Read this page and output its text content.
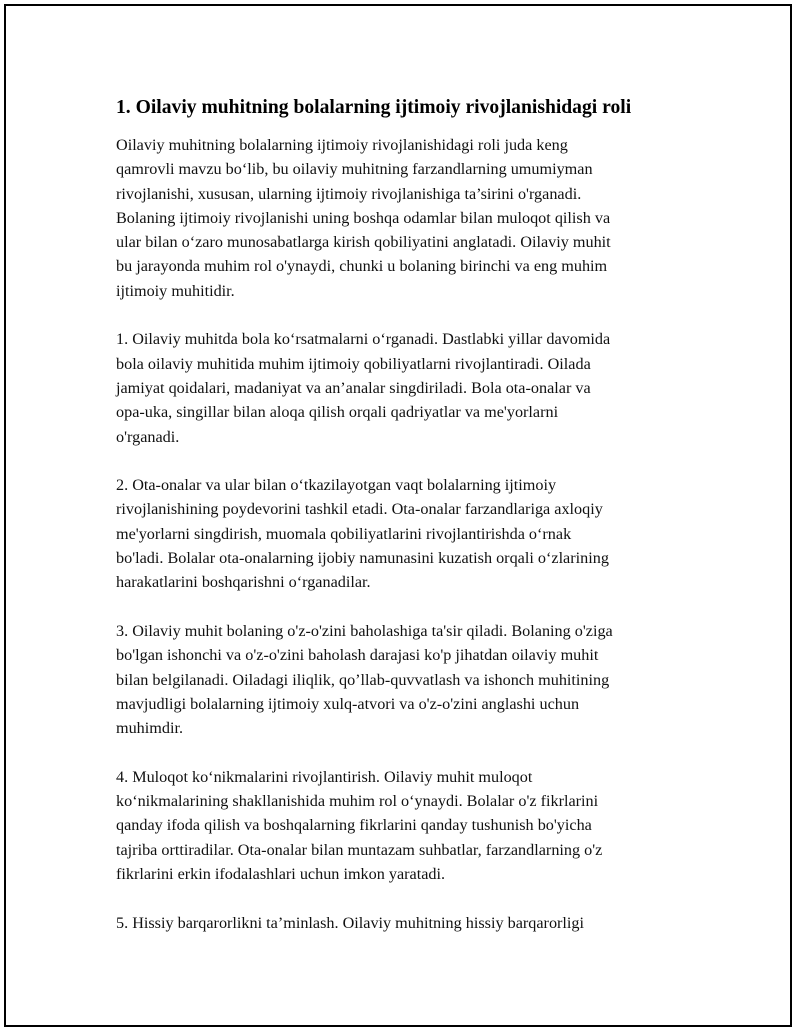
1. Oilaviy muhitning bolalarning ijtimoiy rivojlanishidagi roli

Oilaviy muhitning bolalarning ijtimoiy rivojlanishidagi roli juda keng
qamrovli mavzu bo‘lib, bu oilaviy muhitning farzandlarning umumiyman
rivojlanishi, xususan, ularning ijtimoiy rivojlanishiga ta’sirini o'rganadi.
Bolaning ijtimoiy rivojlanishi uning boshqa odamlar bilan muloqot qilish va
ular bilan o‘zaro munosabatlarga kirish qobiliyatini anglatadi. Oilaviy muhit
bu jarayonda muhim rol o'ynaydi, chunki u bolaning birinchi va eng muhim
ijtimoiy muhitidir.

1. Oilaviy muhitda bola ko‘rsatmalarni o‘rganadi. Dastlabki yillar davomida
bola oilaviy muhitida muhim ijtimoiy qobiliyatlarni rivojlantiradi. Oilada
jamiyat qoidalari, madaniyat va an’analar singdiriladi. Bola ota-onalar va
opa-uka, singillar bilan aloqa qilish orqali qadriyatlar va me'yorlarni
o'rganadi.

2. Ota-onalar va ular bilan o‘tkazilayotgan vaqt bolalarning ijtimoiy
rivojlanishining poydevorini tashkil etadi. Ota-onalar farzandlariga axloqiy
me'yorlarni singdirish, muomala qobiliyatlarini rivojlantirishda o‘rnak
bo'ladi. Bolalar ota-onalarning ijobiy namunasini kuzatish orqali o‘zlarining
harakatlarini boshqarishni o‘rganadilar.

3. Oilaviy muhit bolaning o'z-o'zini baholashiga ta'sir qiladi. Bolaning o'ziga
bo'lgan ishonchi va o'z-o'zini baholash darajasi ko'p jihatdan oilaviy muhit
bilan belgilanadi. Oiladagi iliqlik, qo’llab-quvvatlash va ishonch muhitining
mavjudligi bolalarning ijtimoiy xulq-atvori va o'z-o'zini anglashi uchun
muhimdir.

4. Muloqot ko‘nikmalarini rivojlantirish. Oilaviy muhit muloqot
ko‘nikmalarining shakllanishida muhim rol o‘ynaydi. Bolalar o'z fikrlarini
qanday ifoda qilish va boshqalarning fikrlarini qanday tushunish bo'yicha
tajriba orttiradilar. Ota-onalar bilan muntazam suhbatlar, farzandlarning o'z
fikrlarini erkin ifodalashlari uchun imkon yaratadi.

5. Hissiy barqarorlikni ta’minlash. Oilaviy muhitning hissiy barqarorligi
